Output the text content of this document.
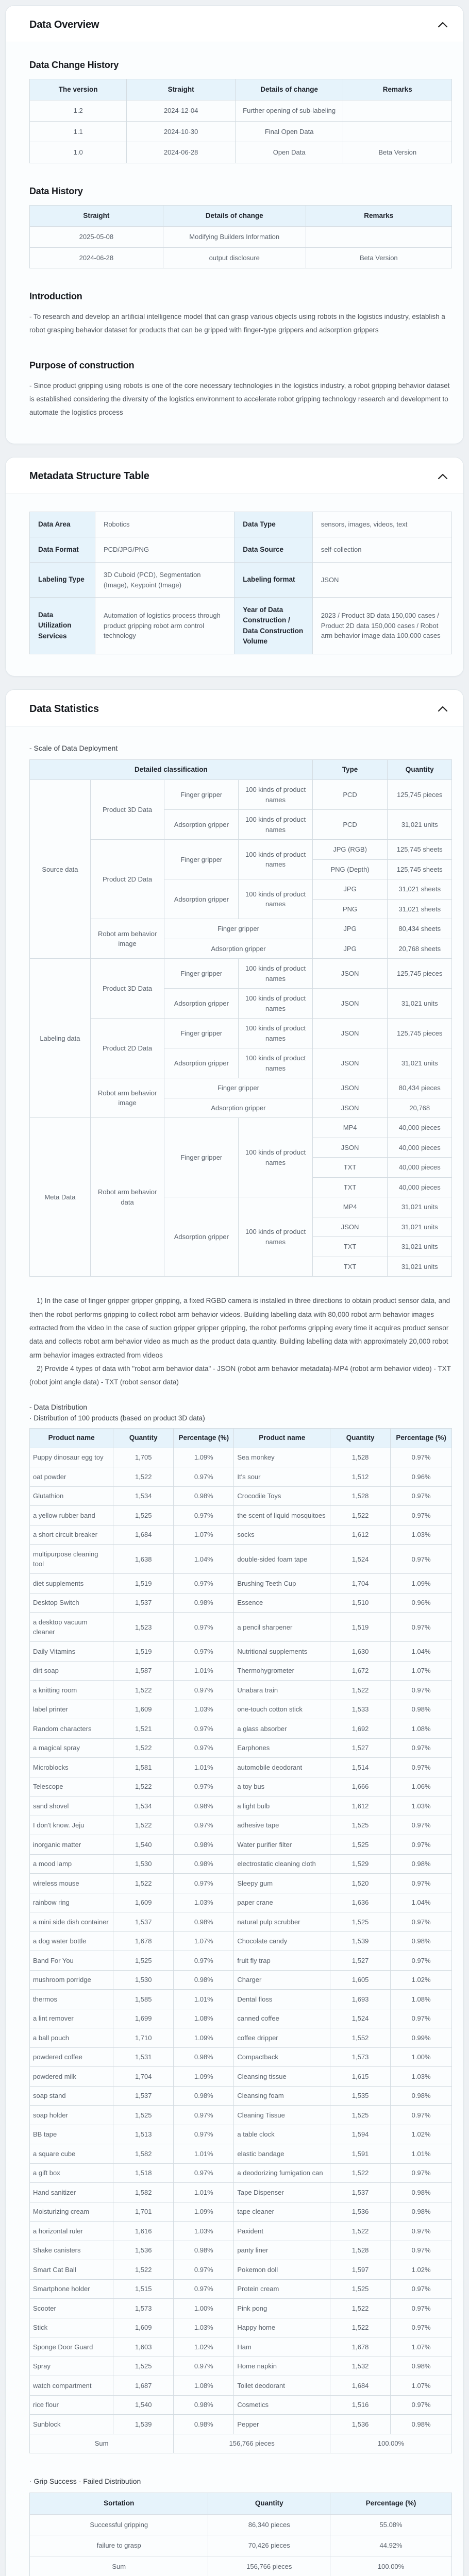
Data Overview
Data Change History
The version	Straight	Details of change	Remarks
1.2	2024-12-04	Further opening of sub-labeling	
1.1	2024-10-30	Final Open Data	
1.0	2024-06-28	Open Data	Beta Version
Data History
Straight	Details of change	Remarks
2025-05-08	Modifying Builders Information	
2024-06-28	output disclosure	Beta Version
Introduction

- To research and develop an artificial intelligence model that can grasp various objects using robots in the logistics industry, establish a robot grasping behavior dataset for products that can be gripped with finger-type grippers and adsorption grippers

Purpose of construction

- Since product gripping using robots is one of the core necessary technologies in the logistics industry, a robot gripping behavior dataset is established considering the diversity of the logistics environment to accelerate robot gripping technology research and development to automate the logistics process

Metadata Structure Table
Data Area	Robotics	Data Type	sensors, images, videos, text
Data Format	PCD/JPG/PNG	Data Source	self-collection
Labeling Type	3D Cuboid (PCD), Segmentation (Image), Keypoint (Image)	Labeling format	JSON
Data Utilization Services	Automation of logistics process through product gripping robot arm control technology	Year of Data Construction / Data Construction Volume	2023 / Product 3D data 150,000 cases / Product 2D data 150,000 cases / Robot arm behavior image data 100,000 cases
Data Statistics

- Scale of Data Deployment

Detailed classification				Type	Quantity
Source data	Product 3D Data	Finger gripper	100 kinds of product names	PCD	125,745 pieces
		Adsorption gripper	100 kinds of product names	PCD	31,021 units
	Product 2D Data	Finger gripper	100 kinds of product names	JPG (RGB)	125,745 sheets
				PNG (Depth)	125,745 sheets
		Adsorption gripper	100 kinds of product names	JPG	31,021 sheets
				PNG	31,021 sheets
	Robot arm behavior image	Finger gripper		JPG	80,434 sheets
		Adsorption gripper		JPG	20,768 sheets
Labeling data	Product 3D Data	Finger gripper	100 kinds of product names	JSON	125,745 pieces
		Adsorption gripper	100 kinds of product names	JSON	31,021 units
	Product 2D Data	Finger gripper	100 kinds of product names	JSON	125,745 pieces
		Adsorption gripper	100 kinds of product names	JSON	31,021 units
	Robot arm behavior image	Finger gripper		JSON	80,434 pieces
		Adsorption gripper		JSON	20,768
Meta Data	Robot arm behavior data	Finger gripper	100 kinds of product names	MP4	40,000 pieces
				JSON	40,000 pieces
				TXT	40,000 pieces
				TXT	40,000 pieces
		Adsorption gripper	100 kinds of product names	MP4	31,021 units
				JSON	31,021 units
				TXT	31,021 units
				TXT	31,021 units

1) In the case of finger gripper gripper gripping, a fixed RGBD camera is installed in three directions to obtain product sensor data, and then the robot performs gripping to collect robot arm behavior videos. Building labelling data with 80,000 robot arm behavior images extracted from the video In the case of suction gripper gripper gripping, the robot performs gripping every time it acquires product sensor data and collects robot arm behavior video as much as the product data quantity. Building labelling data with approximately 20,000 robot arm behavior images extracted from videos

2) Provide 4 types of data with "robot arm behavior data" - JSON (robot arm behavior metadata)-MP4 (robot arm behavior video) - TXT (robot joint angle data) - TXT (robot sensor data)

- Data Distribution

· Distribution of 100 products (based on product 3D data)

Product name	Quantity	Percentage (%)	Product name	Quantity	Percentage (%)
Puppy dinosaur egg toy	1,705	1.09%	Sea monkey	1,528	0.97%
oat powder	1,522	0.97%	It's sour	1,512	0.96%
Glutathion	1,534	0.98%	Crocodile Toys	1,528	0.97%
a yellow rubber band	1,525	0.97%	the scent of liquid mosquitoes	1,522	0.97%
a short circuit breaker	1,684	1.07%	socks	1,612	1.03%
multipurpose cleaning tool	1,638	1.04%	double-sided foam tape	1,524	0.97%
diet supplements	1,519	0.97%	Brushing Teeth Cup	1,704	1.09%
Desktop Switch	1,537	0.98%	Essence	1,510	0.96%
a desktop vacuum cleaner	1,523	0.97%	a pencil sharpener	1,519	0.97%
Daily Vitamins	1,519	0.97%	Nutritional supplements	1,630	1.04%
dirt soap	1,587	1.01%	Thermohygrometer	1,672	1.07%
a knitting room	1,522	0.97%	Unabara train	1,522	0.97%
label printer	1,609	1.03%	one-touch cotton stick	1,533	0.98%
Random characters	1,521	0.97%	a glass absorber	1,692	1.08%
a magical spray	1,522	0.97%	Earphones	1,527	0.97%
Microblocks	1,581	1.01%	automobile deodorant	1,514	0.97%
Telescope	1,522	0.97%	a toy bus	1,666	1.06%
sand shovel	1,534	0.98%	a light bulb	1,612	1.03%
I don't know. Jeju	1,522	0.97%	adhesive tape	1,525	0.97%
inorganic matter	1,540	0.98%	Water purifier filter	1,525	0.97%
a mood lamp	1,530	0.98%	electrostatic cleaning cloth	1,529	0.98%
wireless mouse	1,522	0.97%	Sleepy gum	1,520	0.97%
rainbow ring	1,609	1.03%	paper crane	1,636	1.04%
a mini side dish container	1,537	0.98%	natural pulp scrubber	1,525	0.97%
a dog water bottle	1,678	1.07%	Chocolate candy	1,539	0.98%
Band For You	1,525	0.97%	fruit fly trap	1,527	0.97%
mushroom porridge	1,530	0.98%	Charger	1,605	1.02%
thermos	1,585	1.01%	Dental floss	1,693	1.08%
a lint remover	1,699	1.08%	canned coffee	1,524	0.97%
a ball pouch	1,710	1.09%	coffee dripper	1,552	0.99%
powdered coffee	1,531	0.98%	Compactback	1,573	1.00%
powdered milk	1,704	1.09%	Cleansing tissue	1,615	1.03%
soap stand	1,537	0.98%	Cleansing foam	1,535	0.98%
soap holder	1,525	0.97%	Cleaning Tissue	1,525	0.97%
BB tape	1,513	0.97%	a table clock	1,594	1.02%
a square cube	1,582	1.01%	elastic bandage	1,591	1.01%
a gift box	1,518	0.97%	a deodorizing fumigation can	1,522	0.97%
Hand sanitizer	1,582	1.01%	Tape Dispenser	1,537	0.98%
Moisturizing cream	1,701	1.09%	tape cleaner	1,536	0.98%
a horizontal ruler	1,616	1.03%	Paxident	1,522	0.97%
Shake canisters	1,536	0.98%	panty liner	1,528	0.97%
Smart Cat Ball	1,522	0.97%	Pokemon doll	1,597	1.02%
Smartphone holder	1,515	0.97%	Protein cream	1,525	0.97%
Scooter	1,573	1.00%	Pink pong	1,522	0.97%
Stick	1,609	1.03%	Happy home	1,522	0.97%
Sponge Door Guard	1,603	1.02%	Ham	1,678	1.07%
Spray	1,525	0.97%	Home napkin	1,532	0.98%
watch compartment	1,687	1.08%	Toilet deodorant	1,684	1.07%
rice flour	1,540	0.98%	Cosmetics	1,516	0.97%
Sunblock	1,539	0.98%	Pepper	1,536	0.98%
Sum		156,766 pieces		100.00%	

· Grip Success - Failed Distribution

Sortation	Quantity	Percentage (%)
Successful gripping	86,340 pieces	55.08%
failure to grasp	70,426 pieces	44.92%
Sum	156,766 pieces	100.00%
